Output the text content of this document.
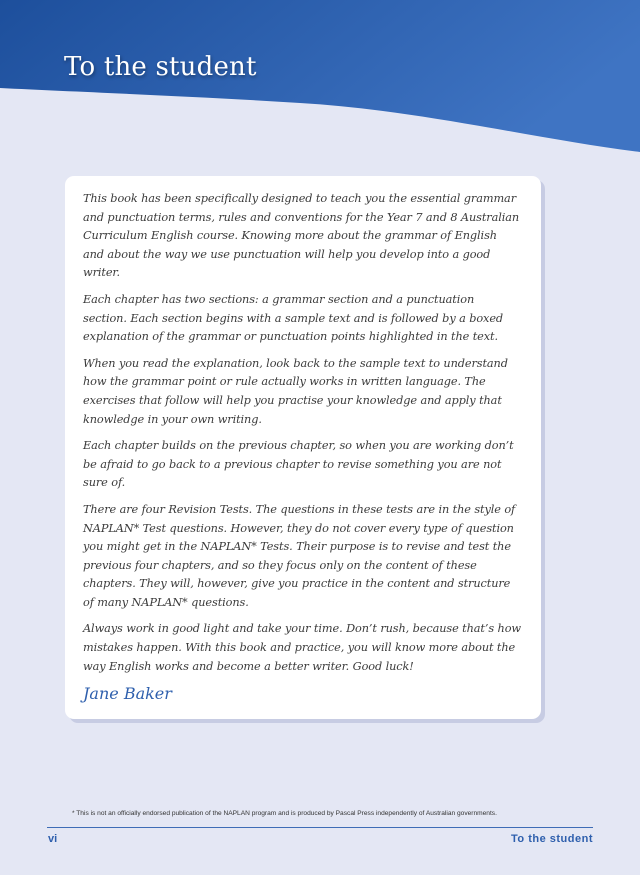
To the student

This book has been specifically designed to teach you the essential grammar and punctuation terms, rules and conventions for the Year 7 and 8 Australian Curriculum English course. Knowing more about the grammar of English and about the way we use punctuation will help you develop into a good writer.

Each chapter has two sections: a grammar section and a punctuation section. Each section begins with a sample text and is followed by a boxed explanation of the grammar or punctuation points highlighted in the text.

When you read the explanation, look back to the sample text to understand how the grammar point or rule actually works in written language. The exercises that follow will help you practise your knowledge and apply that knowledge in your own writing.

Each chapter builds on the previous chapter, so when you are working don’t be afraid to go back to a previous chapter to revise something you are not sure of.

There are four Revision Tests. The questions in these tests are in the style of NAPLAN* Test questions. However, they do not cover every type of question you might get in the NAPLAN* Tests. Their purpose is to revise and test the previous four chapters, and so they focus only on the content of these chapters. They will, however, give you practice in the content and structure of many NAPLAN* questions.

Always work in good light and take your time. Don’t rush, because that’s how mistakes happen. With this book and practice, you will know more about the way English works and become a better writer. Good luck!

Jane Baker

* This is not an officially endorsed publication of the NAPLAN program and is produced by Pascal Press independently of Australian governments.
vi	To the student
